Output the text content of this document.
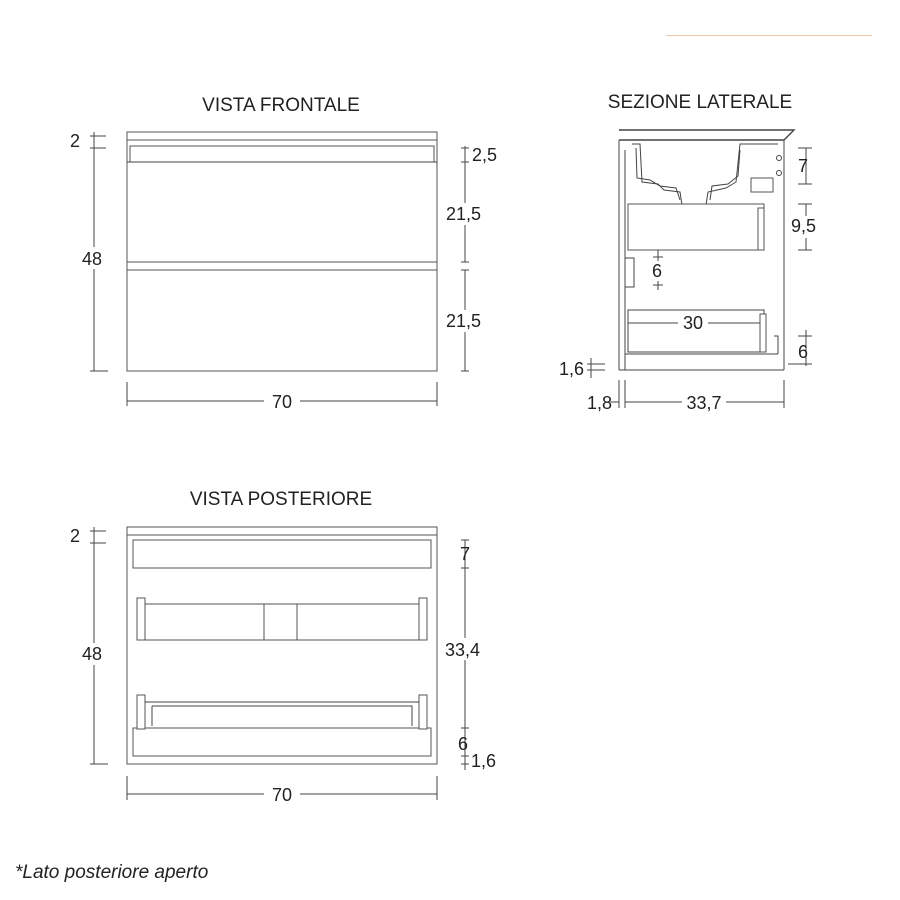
VISTA FRONTALE
2
48
2,5
21,5
21,5
70
SEZIONE LATERALE
7
9,5
6
6
30
1,6
1,8	33,7
VISTA POSTERIORE
2
48
7
33,4
6
1,6
70
*Lato posteriore aperto
